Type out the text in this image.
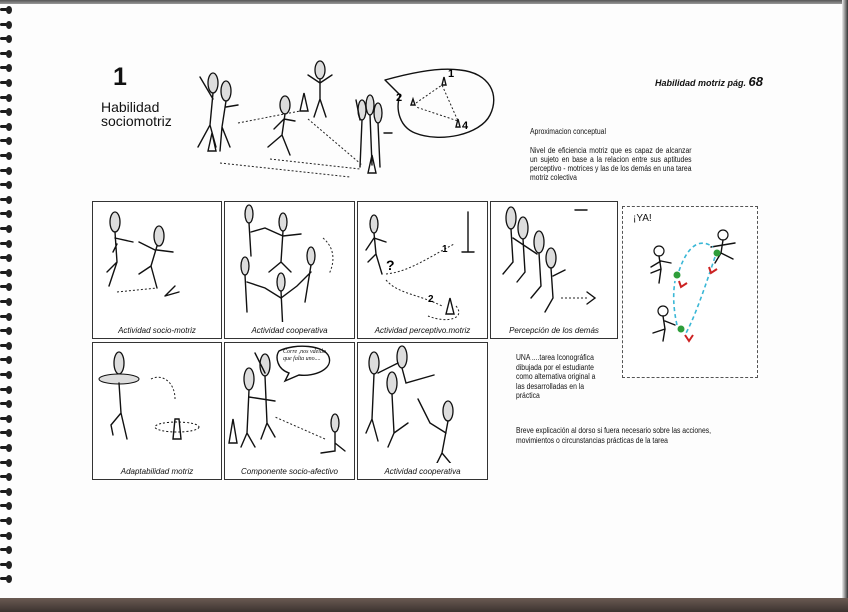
1
Habilidad
sociomotriz
Habilidad motriz pág. 68
1
2
4	Aproximacion conceptual
Nivel de eficiencia motriz que es capaz de alcanzar un sujeto en base a la relacion entre sus aptitudes perceptivo - motrices y las de los demás en una tarea motriz colectiva
Actividad socio-motriz	Actividad cooperativa
?
1
2
Actividad perceptivo.motriz	Percepción de los demás
Adaptabilidad motriz
Corre ,nos vdeido que falta uno....
Componente socio-afectivo	Actividad cooperativa
¡YA!
UNA ....tarea Iconográfica dibujada por el estudiante como alternativa original a las desarrolladas en la práctica
Breve explicación al dorso si fuera necesario sobre las acciones, movimientos o circunstancias prácticas de la tarea
